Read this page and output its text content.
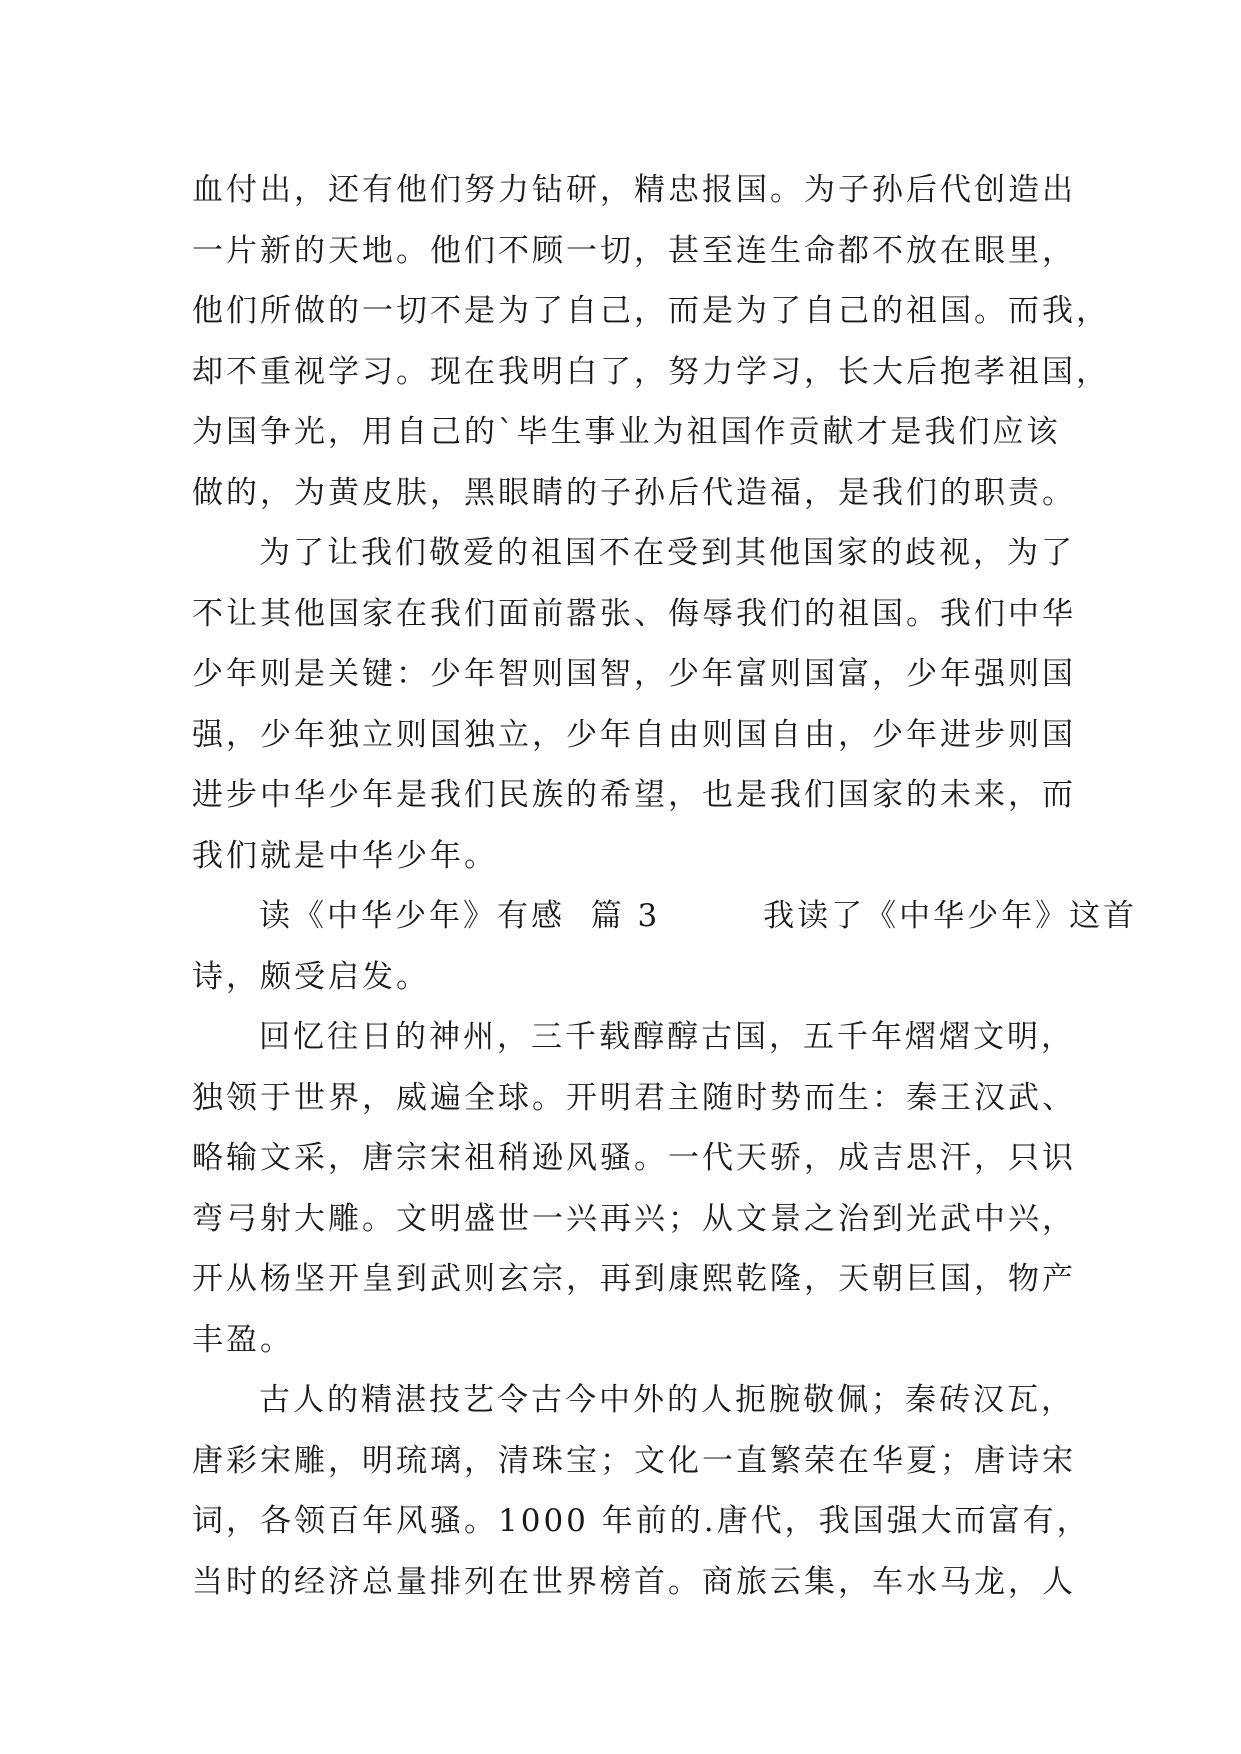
血付出，还有他们努力钻研，精忠报国。为子孙后代创造出
一片新的天地。他们不顾一切，甚至连生命都不放在眼里，
他们所做的一切不是为了自己，而是为了自己的祖国。而我，
却不重视学习。现在我明白了，努力学习，长大后抱孝祖国，
为国争光，用自己的`毕生事业为祖国作贡献才是我们应该
做的，为黄皮肤，黑眼睛的子孙后代造福，是我们的职责。
为了让我们敬爱的祖国不在受到其他国家的歧视，为了
不让其他国家在我们面前嚣张、侮辱我们的祖国。我们中华
少年则是关键：少年智则国智，少年富则国富，少年强则国
强，少年独立则国独立，少年自由则国自由，少年进步则国
进步中华少年是我们民族的希望，也是我们国家的未来，而
我们就是中华少年。
读《中华少年》有感  篇 3        我读了《中华少年》这首
诗，颇受启发。
回忆往日的神州，三千载醇醇古国，五千年熠熠文明，
独领于世界，威遍全球。开明君主随时势而生：秦王汉武、
略输文采，唐宗宋祖稍逊风骚。一代天骄，成吉思汗，只识
弯弓射大雕。文明盛世一兴再兴；从文景之治到光武中兴，
开从杨坚开皇到武则玄宗，再到康熙乾隆，天朝巨国，物产
丰盈。
古人的精湛技艺令古今中外的人扼腕敬佩；秦砖汉瓦，
唐彩宋雕，明琉璃，清珠宝；文化一直繁荣在华夏；唐诗宋
词，各领百年风骚。1000 年前的.唐代，我国强大而富有，
当时的经济总量排列在世界榜首。商旅云集，车水马龙，人
